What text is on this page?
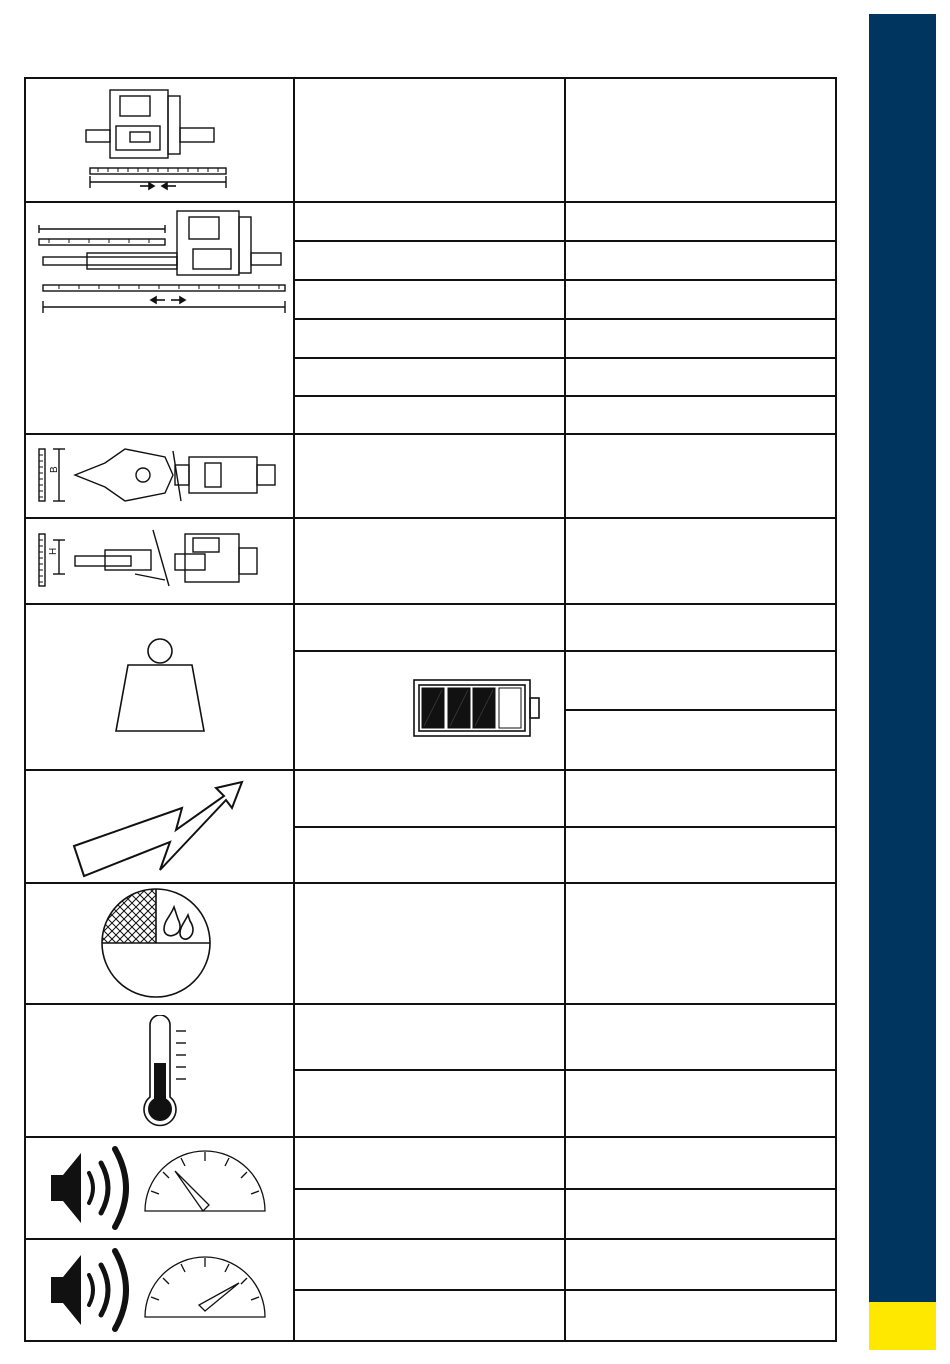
B		

H		
